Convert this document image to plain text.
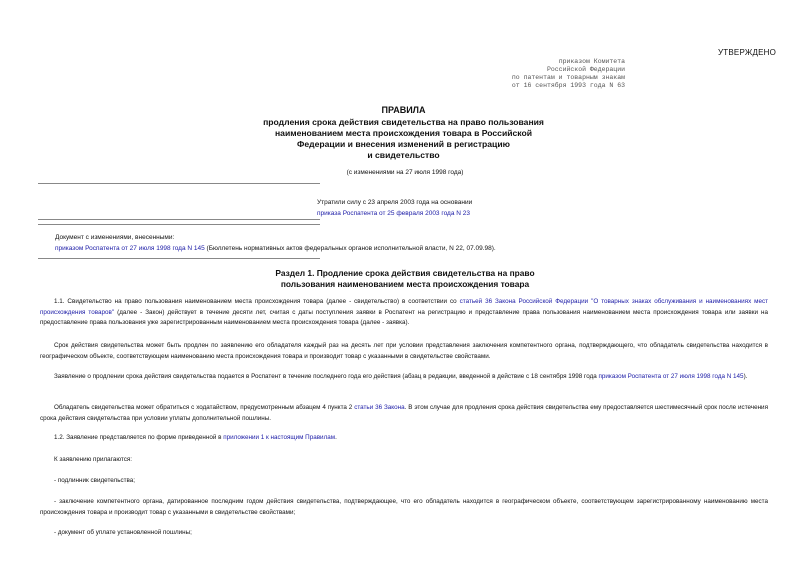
УТВЕРЖДЕНО
приказом Комитета
Российской Федерации
по патентам и товарным знакам
от 16 сентября 1993 года N 63
ПРАВИЛА
продления срока действия свидетельства на право пользования
наименованием места происхождения товара в Российской
Федерации и внесения изменений в регистрацию
и свидетельство
(с изменениями на 27 июля 1998 года)
Утратили силу с 23 апреля 2003 года на основании
приказа Роспатента от 25 февраля 2003 года N 23
Документ с изменениями, внесенными:
приказом Роспатента от 27 июля 1998 года N 145 (Бюллетень нормативных актов федеральных органов исполнительной власти, N 22, 07.09.98).
Раздел 1. Продление срока действия свидетельства на право
пользования наименованием места происхождения товара
1.1. Свидетельство на право пользования наименованием места происхождения товара (далее - свидетельство) в соответствии со статьей 36 Закона Российской Федерации "О товарных знаках обслуживания и наименованиях мест происхождения товаров" (далее - Закон) действует в течение десяти лет, считая с даты поступления заявки в Роспатент на регистрацию и представление права пользования наименованием места происхождения товара или заявки на предоставление права пользования уже зарегистрированным наименованием места происхождения товара (далее - заявка).
Срок действия свидетельства может быть продлен по заявлению его обладателя каждый раз на десять лет при условии представления заключения компетентного органа, подтверждающего, что обладатель свидетельства находится в географическом объекте, соответствующем наименованию места происхождения товара и производит товар с указанными в свидетельстве свойствами.
Заявление о продлении срока действия свидетельства подается в Роспатент в течение последнего года его действия (абзац в редакции, введенной в действие с 18 сентября 1998 года приказом Роспатента от 27 июля 1998 года N 145).
Обладатель свидетельства может обратиться с ходатайством, предусмотренным абзацем 4 пункта 2 статьи 36 Закона. В этом случае для продления срока действия свидетельства ему предоставляется шестимесячный срок после истечения срока действия свидетельства при условии уплаты дополнительной пошлины.
1.2. Заявление представляется по форме приведенной в приложении 1 к настоящим Правилам.
К заявлению прилагаются:
- подлинник свидетельства;
- заключение компетентного органа, датированное последним годом действия свидетельства, подтверждающее, что его обладатель находится в географическом объекте, соответствующем зарегистрированному наименованию места происхождения товара и производит товар с указанными в свидетельстве свойствами;
- документ об уплате установленной пошлины;
